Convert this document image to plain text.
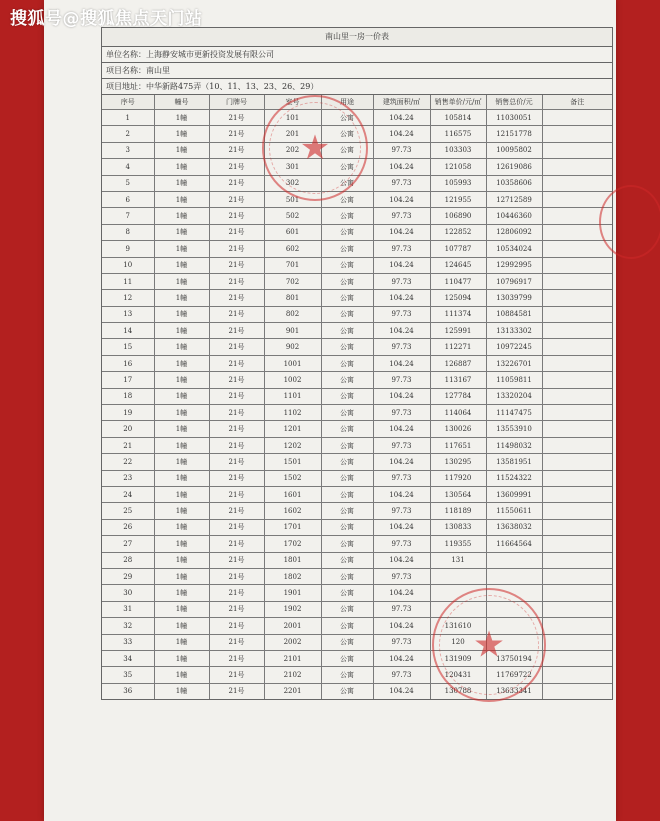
搜狐号@搜狐焦点天门站
南山里一房一价表
单位名称：上海静安城市更新投资发展有限公司
项目名称：南山里
项目地址：中华新路475弄（10、11、13、23、26、29）
序号	幢号	门牌号	室号	用途	建筑面积/㎡	销售单价/元/㎡	销售总价/元	备注
1	1幢	21号	101	公寓	104.24	105814	11030051	
2	1幢	21号	201	公寓	104.24	116575	12151778	
3	1幢	21号	202	公寓	97.73	103303	10095802	
4	1幢	21号	301	公寓	104.24	121058	12619086	
5	1幢	21号	302	公寓	97.73	105993	10358606	
6	1幢	21号	501	公寓	104.24	121955	12712589	
7	1幢	21号	502	公寓	97.73	106890	10446360	
8	1幢	21号	601	公寓	104.24	122852	12806092	
9	1幢	21号	602	公寓	97.73	107787	10534024	
10	1幢	21号	701	公寓	104.24	124645	12992995	
11	1幢	21号	702	公寓	97.73	110477	10796917	
12	1幢	21号	801	公寓	104.24	125094	13039799	
13	1幢	21号	802	公寓	97.73	111374	10884581	
14	1幢	21号	901	公寓	104.24	125991	13133302	
15	1幢	21号	902	公寓	97.73	112271	10972245	
16	1幢	21号	1001	公寓	104.24	126887	13226701	
17	1幢	21号	1002	公寓	97.73	113167	11059811	
18	1幢	21号	1101	公寓	104.24	127784	13320204	
19	1幢	21号	1102	公寓	97.73	114064	11147475	
20	1幢	21号	1201	公寓	104.24	130026	13553910	
21	1幢	21号	1202	公寓	97.73	117651	11498032	
22	1幢	21号	1501	公寓	104.24	130295	13581951	
23	1幢	21号	1502	公寓	97.73	117920	11524322	
24	1幢	21号	1601	公寓	104.24	130564	13609991	
25	1幢	21号	1602	公寓	97.73	118189	11550611	
26	1幢	21号	1701	公寓	104.24	130833	13638032	
27	1幢	21号	1702	公寓	97.73	119355	11664564	
28	1幢	21号	1801	公寓	104.24	131		
29	1幢	21号	1802	公寓	97.73			
30	1幢	21号	1901	公寓	104.24			
31	1幢	21号	1902	公寓	97.73			
32	1幢	21号	2001	公寓	104.24	131610		
33	1幢	21号	2002	公寓	97.73	120		
34	1幢	21号	2101	公寓	104.24	131909	13750194	
35	1幢	21号	2102	公寓	97.73	120431	11769722	
36	1幢	21号	2201	公寓	104.24	130788	13633341	
★
★
